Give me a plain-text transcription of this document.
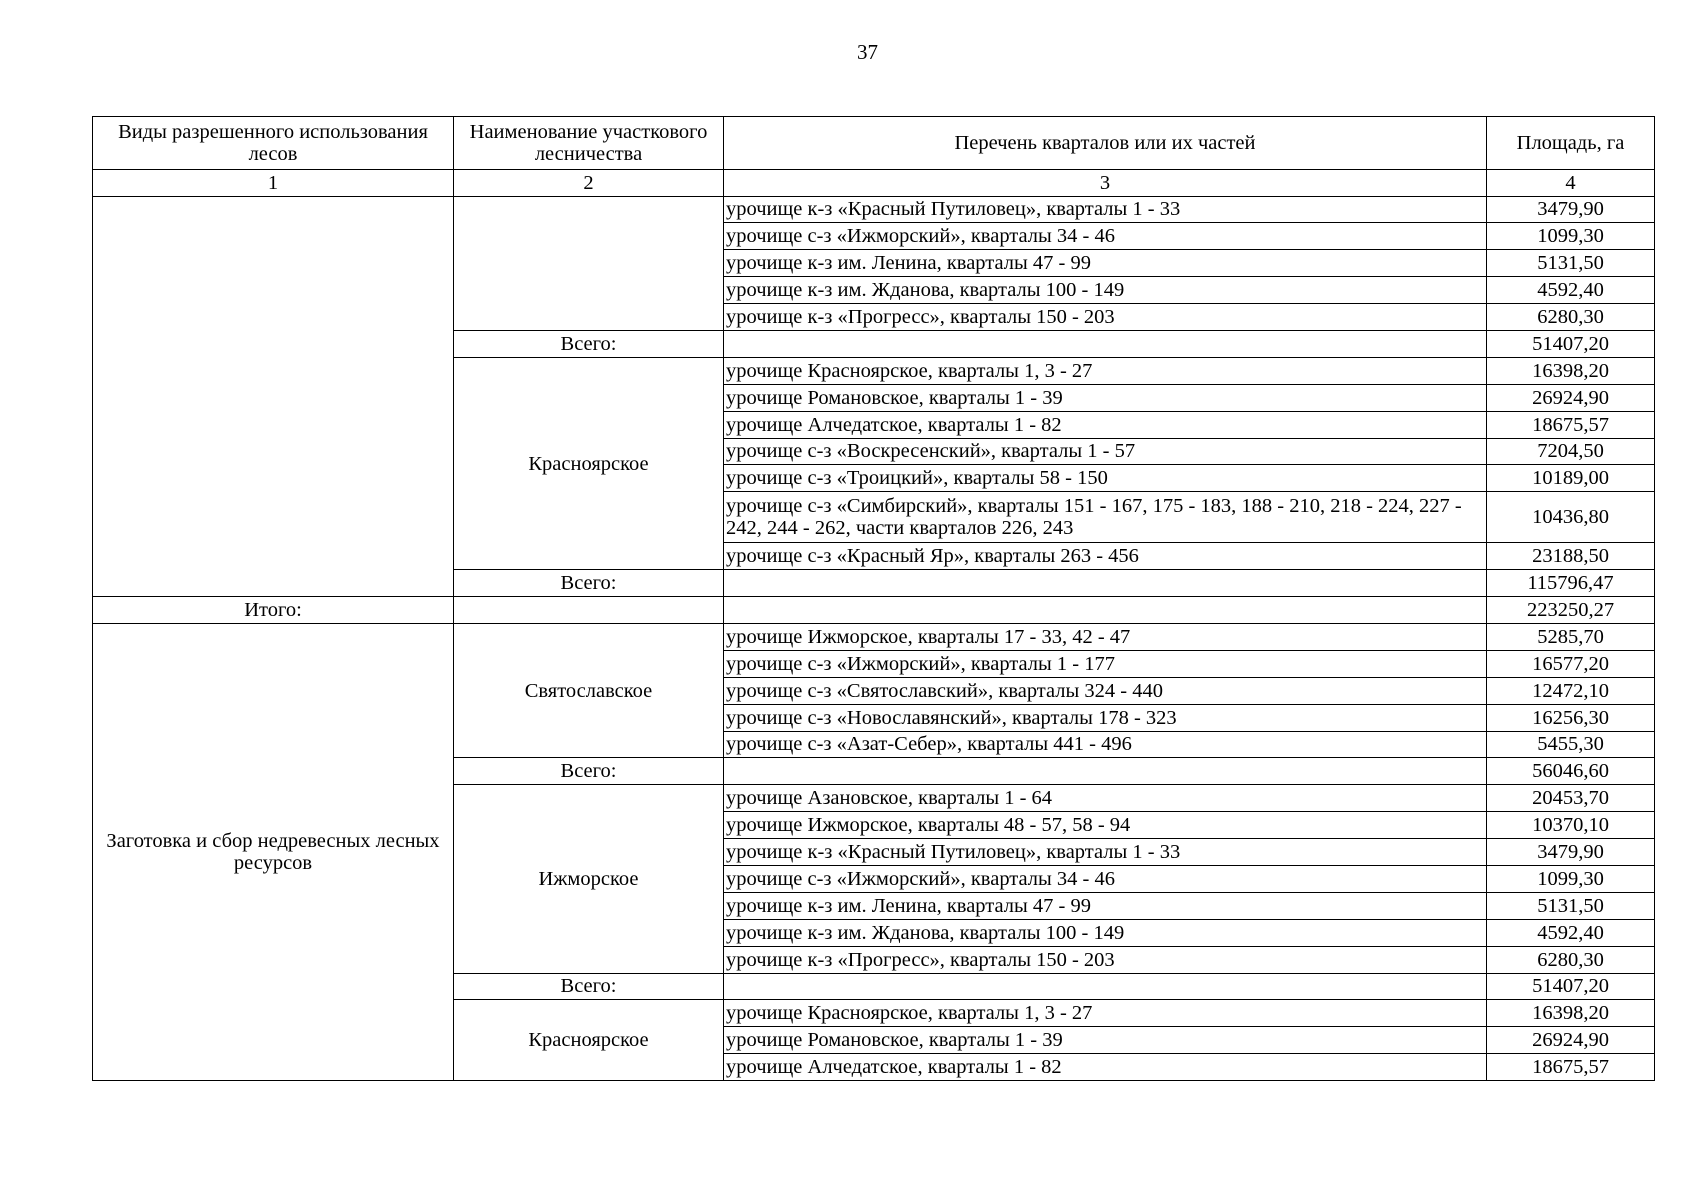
37
Виды разрешенного использования лесов	Наименование участкового лесничества	Перечень кварталов или их частей	Площадь, га
1	2	3	4
		урочище к-з «Красный Путиловец», кварталы 1 - 33	3479,90
		урочище с-з «Ижморский», кварталы 34 - 46	1099,30
		урочище к-з им. Ленина, кварталы 47 - 99	5131,50
		урочище к-з им. Жданова, кварталы 100 - 149	4592,40
		урочище к-з «Прогресс», кварталы 150 - 203	6280,30
	Всего:		51407,20
	Красноярское	урочище Красноярское, кварталы 1, 3 - 27	16398,20
		урочище Романовское, кварталы 1 - 39	26924,90
		урочище Алчедатское, кварталы 1 - 82	18675,57
		урочище с-з «Воскресенский», кварталы 1 - 57	7204,50
		урочище с-з «Троицкий», кварталы 58 - 150	10189,00
		урочище с-з «Симбирский», кварталы 151 - 167, 175 - 183, 188 - 210, 218 - 224, 227 - 242, 244 - 262, части кварталов 226, 243	10436,80
		урочище с-з «Красный Яр», кварталы 263 - 456	23188,50
	Всего:		115796,47
Итого:			223250,27
Заготовка и сбор недревесных лесных ресурсов	Святославское	урочище Ижморское, кварталы 17 - 33, 42 - 47	5285,70
		урочище с-з «Ижморский», кварталы 1 - 177	16577,20
		урочище с-з «Святославский», кварталы 324 - 440	12472,10
		урочище с-з «Новославянский», кварталы 178 - 323	16256,30
		урочище с-з «Азат-Себер», кварталы 441 - 496	5455,30
	Всего:		56046,60
	Ижморское	урочище Азановское, кварталы 1 - 64	20453,70
		урочище Ижморское, кварталы 48 - 57, 58 - 94	10370,10
		урочище к-з «Красный Путиловец», кварталы 1 - 33	3479,90
		урочище с-з «Ижморский», кварталы 34 - 46	1099,30
		урочище к-з им. Ленина, кварталы 47 - 99	5131,50
		урочище к-з им. Жданова, кварталы 100 - 149	4592,40
		урочище к-з «Прогресс», кварталы 150 - 203	6280,30
	Всего:		51407,20
	Красноярское	урочище Красноярское, кварталы 1, 3 - 27	16398,20
		урочище Романовское, кварталы 1 - 39	26924,90
		урочище Алчедатское, кварталы 1 - 82	18675,57
